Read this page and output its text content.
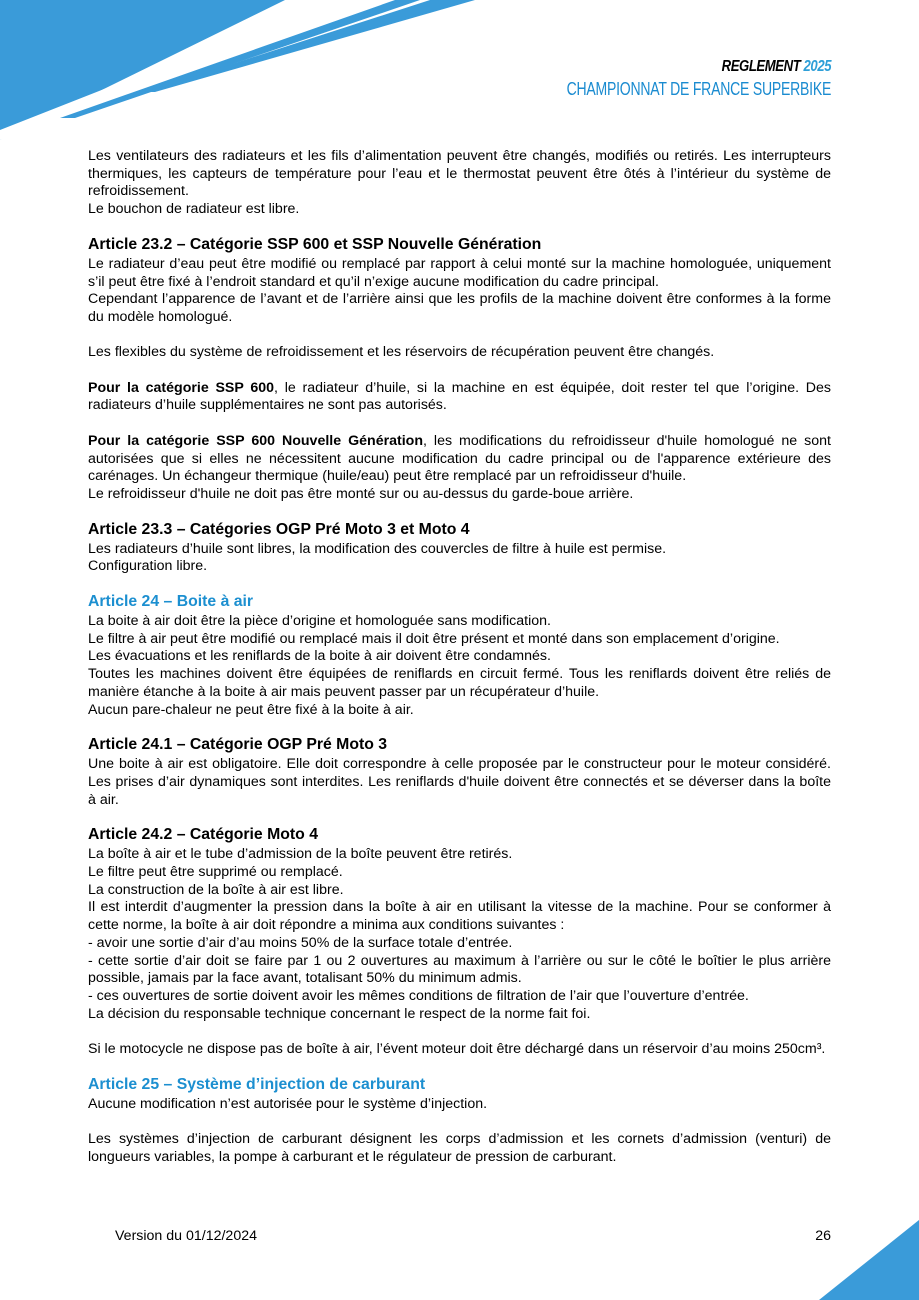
REGLEMENT 2025
CHAMPIONNAT DE FRANCE SUPERBIKE

Les ventilateurs des radiateurs et les fils d’alimentation peuvent être changés, modifiés ou retirés. Les interrupteurs thermiques, les capteurs de température pour l’eau et le thermostat peuvent être ôtés à l’intérieur du système de refroidissement.

Le bouchon de radiateur est libre.

Article 23.2 – Catégorie SSP 600 et SSP Nouvelle Génération

Le radiateur d’eau peut être modifié ou remplacé par rapport à celui monté sur la machine homologuée, uniquement s’il peut être fixé à l’endroit standard et qu’il n’exige aucune modification du cadre principal.

Cependant l’apparence de l’avant et de l’arrière ainsi que les profils de la machine doivent être conformes à la forme du modèle homologué.

Les flexibles du système de refroidissement et les réservoirs de récupération peuvent être changés.

Pour la catégorie SSP 600, le radiateur d’huile, si la machine en est équipée, doit rester tel que l’origine. Des radiateurs d’huile supplémentaires ne sont pas autorisés.

Pour la catégorie SSP 600 Nouvelle Génération, les modifications du refroidisseur d'huile homologué ne sont autorisées que si elles ne nécessitent aucune modification du cadre principal ou de l'apparence extérieure des carénages. Un échangeur thermique (huile/eau) peut être remplacé par un refroidisseur d'huile.

Le refroidisseur d'huile ne doit pas être monté sur ou au-dessus du garde-boue arrière.

Article 23.3 – Catégories OGP Pré Moto 3 et Moto 4

Les radiateurs d’huile sont libres, la modification des couvercles de filtre à huile est permise.

Configuration libre.

Article 24 – Boite à air

La boite à air doit être la pièce d’origine et homologuée sans modification.

Le filtre à air peut être modifié ou remplacé mais il doit être présent et monté dans son emplacement d’origine.

Les évacuations et les reniflards de la boite à air doivent être condamnés.

Toutes les machines doivent être équipées de reniflards en circuit fermé. Tous les reniflards doivent être reliés de manière étanche à la boite à air mais peuvent passer par un récupérateur d’huile.

Aucun pare-chaleur ne peut être fixé à la boite à air.

Article 24.1 – Catégorie OGP Pré Moto 3

Une boite à air est obligatoire. Elle doit correspondre à celle proposée par le constructeur pour le moteur considéré. Les prises d’air dynamiques sont interdites. Les reniflards d'huile doivent être connectés et se déverser dans la boîte à air.

Article 24.2 – Catégorie Moto 4

La boîte à air et le tube d’admission de la boîte peuvent être retirés.

Le filtre peut être supprimé ou remplacé.

La construction de la boîte à air est libre.

Il est interdit d’augmenter la pression dans la boîte à air en utilisant la vitesse de la machine. Pour se conformer à cette norme, la boîte à air doit répondre a minima aux conditions suivantes :

- avoir une sortie d’air d’au moins 50% de la surface totale d’entrée.

- cette sortie d’air doit se faire par 1 ou 2 ouvertures au maximum à l’arrière ou sur le côté le boîtier le plus arrière possible, jamais par la face avant, totalisant 50% du minimum admis.

- ces ouvertures de sortie doivent avoir les mêmes conditions de filtration de l’air que l’ouverture d’entrée.

La décision du responsable technique concernant le respect de la norme fait foi.

Si le motocycle ne dispose pas de boîte à air, l’évent moteur doit être déchargé dans un réservoir d’au moins 250cm³.

Article 25 – Système d’injection de carburant

Aucune modification n’est autorisée pour le système d’injection.

Les systèmes d’injection de carburant désignent les corps d’admission et les cornets d’admission (venturi) de longueurs variables, la pompe à carburant et le régulateur de pression de carburant.

Version du 01/12/2024	26
